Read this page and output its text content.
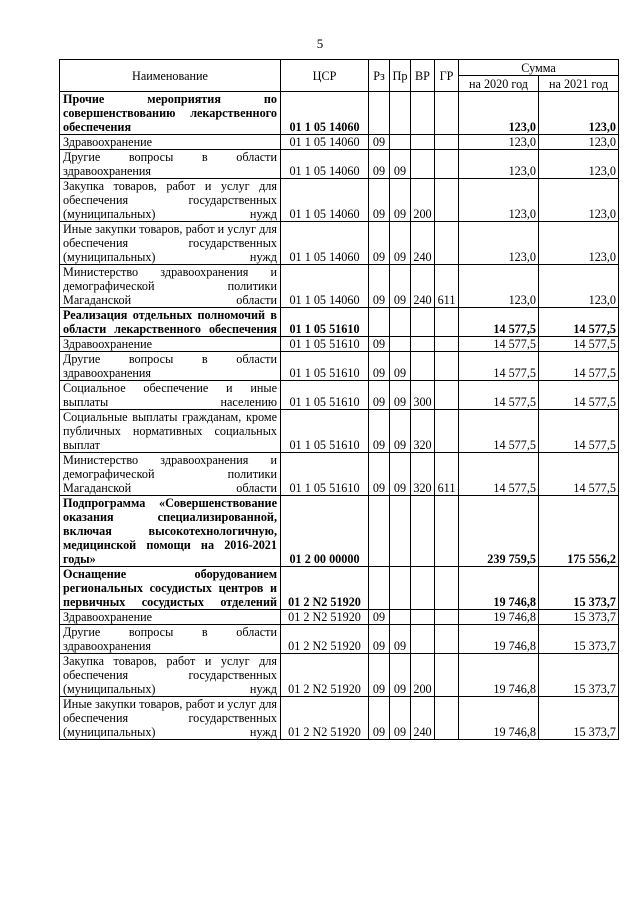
5
Наименование	ЦСР	Рз	Пр	ВР	ГР	Сумма	
						на 2020 год	на 2021 год
Прочие мероприятия по совершенствованию лекарственного обеспечения	01 1 05 14060					123,0	123,0
Здравоохранение	01 1 05 14060	09				123,0	123,0
Другие вопросы в области здравоохранения	01 1 05 14060	09	09			123,0	123,0
Закупка товаров, работ и услуг для обеспечения государственных (муниципальных) нужд	01 1 05 14060	09	09	200		123,0	123,0
Иные закупки товаров, работ и услуг для обеспечения государственных (муниципальных) нужд	01 1 05 14060	09	09	240		123,0	123,0
Министерство здравоохранения и демографической политики Магаданской области	01 1 05 14060	09	09	240	611	123,0	123,0
Реализация отдельных полномочий в области лекарственного обеспечения	01 1 05 51610					14 577,5	14 577,5
Здравоохранение	01 1 05 51610	09				14 577,5	14 577,5
Другие вопросы в области здравоохранения	01 1 05 51610	09	09			14 577,5	14 577,5
Социальное обеспечение и иные выплаты населению	01 1 05 51610	09	09	300		14 577,5	14 577,5
Социальные выплаты гражданам, кроме публичных нормативных социальных выплат	01 1 05 51610	09	09	320		14 577,5	14 577,5
Министерство здравоохранения и демографической политики Магаданской области	01 1 05 51610	09	09	320	611	14 577,5	14 577,5
Подпрограмма «Совершенствование оказания специализированной, включая высокотехнологичную, медицинской помощи на 2016-2021 годы»	01 2 00 00000					239 759,5	175 556,2
Оснащение оборудованием региональных сосудистых центров и первичных сосудистых отделений	01 2 N2 51920					19 746,8	15 373,7
Здравоохранение	01 2 N2 51920	09				19 746,8	15 373,7
Другие вопросы в области здравоохранения	01 2 N2 51920	09	09			19 746,8	15 373,7
Закупка товаров, работ и услуг для обеспечения государственных (муниципальных) нужд	01 2 N2 51920	09	09	200		19 746,8	15 373,7
Иные закупки товаров, работ и услуг для обеспечения государственных (муниципальных) нужд	01 2 N2 51920	09	09	240		19 746,8	15 373,7
